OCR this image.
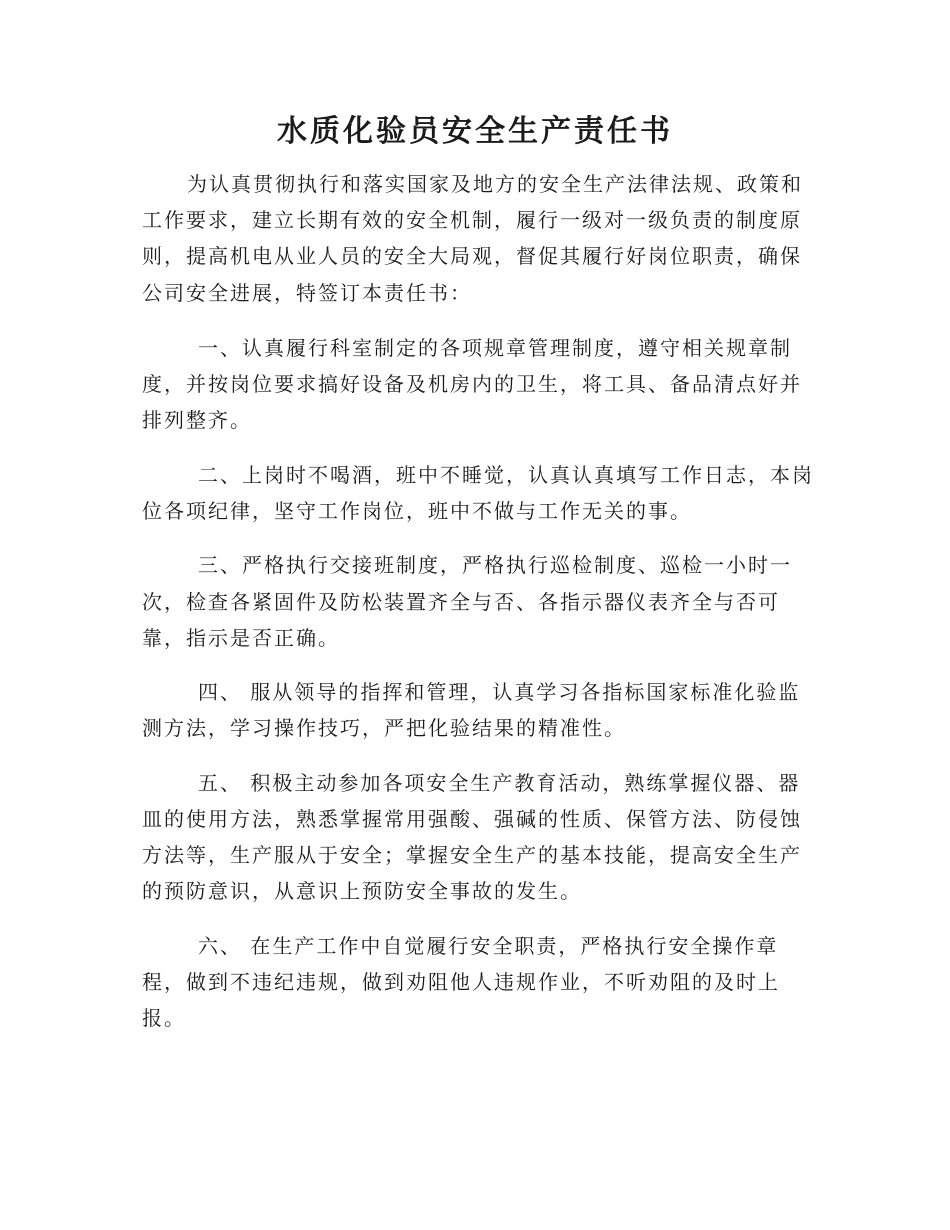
水质化验员安全生产责任书

为认真贯彻执行和落实国家及地方的安全生产法律法规、政策和

工作要求，建立长期有效的安全机制，履行一级对一级负责的制度原

则，提高机电从业人员的安全大局观，督促其履行好岗位职责，确保

公司安全进展，特签订本责任书：

一、认真履行科室制定的各项规章管理制度，遵守相关规章制

度，并按岗位要求搞好设备及机房内的卫生，将工具、备品清点好并

排列整齐。

二、上岗时不喝酒，班中不睡觉，认真认真填写工作日志，本岗

位各项纪律，坚守工作岗位，班中不做与工作无关的事。

三、严格执行交接班制度，严格执行巡检制度、巡检一小时一

次，检查各紧固件及防松装置齐全与否、各指示器仪表齐全与否可

靠，指示是否正确。

四、 服从领导的指挥和管理，认真学习各指标国家标准化验监

测方法，学习操作技巧，严把化验结果的精准性。

五、 积极主动参加各项安全生产教育活动，熟练掌握仪器、器

皿的使用方法，熟悉掌握常用强酸、强碱的性质、保管方法、防侵蚀

方法等，生产服从于安全；掌握安全生产的基本技能，提高安全生产

的预防意识，从意识上预防安全事故的发生。

六、 在生产工作中自觉履行安全职责，严格执行安全操作章

程，做到不违纪违规，做到劝阻他人违规作业，不听劝阻的及时上

报。
